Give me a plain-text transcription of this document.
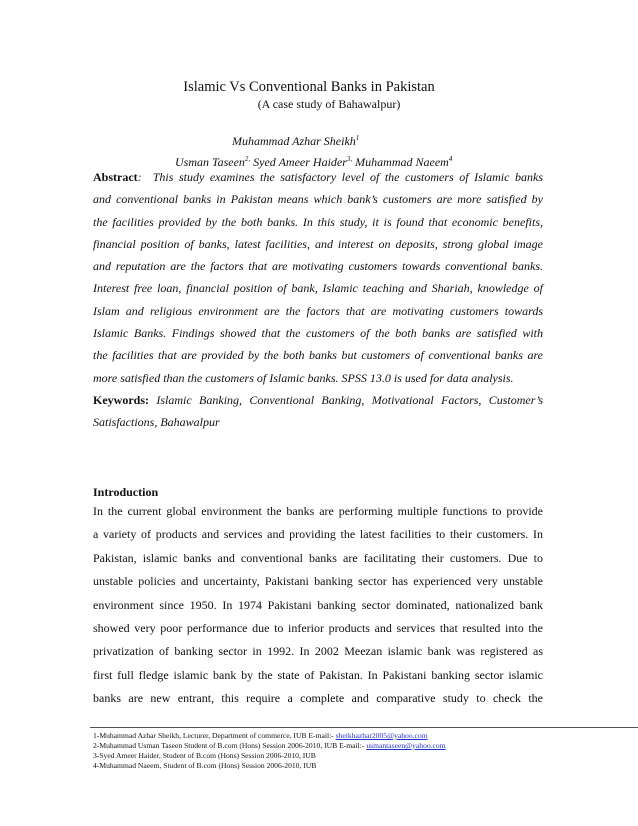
Islamic Vs Conventional Banks in Pakistan
(A case study of Bahawalpur)
Muhammad Azhar Sheikh$^1$
Usman Taseen$^{2,}$ Syed Ameer Haider$^{3,}$ Muhammad Naeem$^4$

Abstract: This study examines the satisfactory level of the customers of Islamic banks

and conventional banks in Pakistan means which bank’s customers are more satisfied by

the facilities provided by the both banks. In this study, it is found that economic benefits,

financial position of banks, latest facilities, and interest on deposits, strong global image

and reputation are the factors that are motivating customers towards conventional banks.

Interest free loan, financial position of bank, Islamic teaching and Shariah, knowledge of

Islam and religious environment are the factors that are motivating customers towards

Islamic Banks. Findings showed that the customers of the both banks are satisfied with

the facilities that are provided by the both banks but customers of conventional banks are

more satisfied than the customers of Islamic banks. SPSS 13.0 is used for data analysis.

Keywords: Islamic Banking, Conventional Banking, Motivational Factors, Customer’s

Satisfactions, Bahawalpur

Introduction
In the current global environment the banks are performing multiple functions to provide
a variety of products and services and providing the latest facilities to their customers. In
Pakistan, islamic banks and conventional banks are facilitating their customers. Due to
unstable policies and uncertainty, Pakistani banking sector has experienced very unstable
environment since 1950. In 1974 Pakistani banking sector dominated, nationalized bank
showed very poor performance due to inferior products and services that resulted into the
privatization of banking sector in 1992. In 2002 Meezan islamic bank was registered as
first full fledge islamic bank by the state of Pakistan. In Pakistani banking sector islamic
banks are new entrant, this require a complete and comparative study to check the
1-Muhammad Azhar Sheikh, Lecturer, Department of commerce, IUB E-mail:- sheikhazhar2005@yahoo.com
2-Muhammad Usman Taseen Student of B.com (Hons) Session 2006-2010, IUB E-mail:- usmantaseen@yahoo.com
3-Syed Ameer Haider, Student of B.com (Hons) Session 2006-2010, IUB
4-Muhammad Naeem, Student of B.com (Hons) Session 2006-2010, IUB
